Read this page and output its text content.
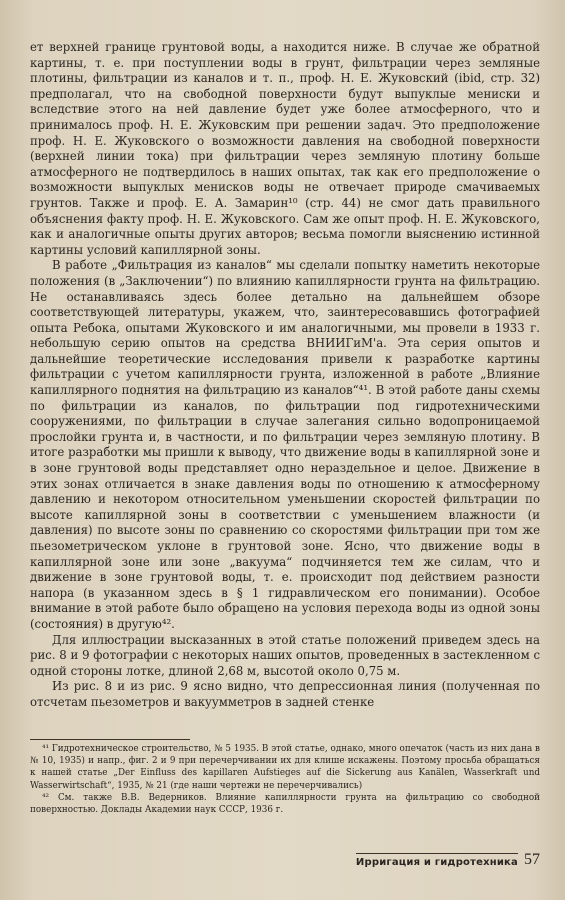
ет верхней границе грунтовой воды, а находится ниже. В случае же обратной картины, т. е. при поступлении воды в грунт, фильтрации через земляные плотины, фильтрации из каналов и т. п., проф. Н. Е. Жуковский (ibid, стр. 32) предполагал, что на свободной поверхности будут выпуклые мениски и вследствие этого на ней давление будет уже более атмосферного, что и принималось проф. Н. Е. Жуковским при решении задач. Это предположение проф. Н. Е. Жуковского о возможности давления на свободной поверхности (верхней линии тока) при фильтрации через земляную плотину больше атмосферного не подтвердилось в наших опытах, так как его предположение о возможности выпуклых менисков воды не отвечает природе смачиваемых грунтов. Также и проф. Е. А. Замарин¹⁰ (стр. 44) не смог дать правильного объяснения факту проф. Н. Е. Жуковского. Сам же опыт проф. Н. Е. Жуковского, как и аналогичные опыты других авторов; весьма помогли выяснению истинной картины условий капиллярной зоны.

В работе „Фильтрация из каналов“ мы сделали попытку наметить некоторые положения (в „Заключении“) по влиянию капиллярности грунта на фильтрацию. Не останавливаясь здесь более детально на дальнейшем обзоре соответствующей литературы, укажем, что, заинтересовавшись фотографией опыта Ребока, опытами Жуковского и им аналогичными, мы провели в 1933 г. небольшую серию опытов на средства ВНИИГиМ'а. Эта серия опытов и дальнейшие теоретические исследования привели к разработке картины фильтрации с учетом капиллярности грунта, изложенной в работе „Влияние капиллярного поднятия на фильтрацию из каналов“⁴¹. В этой работе даны схемы по фильтрации из каналов, по фильтрации под гидротехническими сооружениями, по фильтрации в случае залегания сильно водопроницаемой прослойки грунта и, в частности, и по фильтрации через земляную плотину. В итоге разработки мы пришли к выводу, что движение воды в капиллярной зоне и в зоне грунтовой воды представляет одно нераздельное и целое. Движение в этих зонах отличается в знаке давления воды по отношению к атмосферному давлению и некотором относительном уменьшении скоростей фильтрации по высоте капиллярной зоны в соответствии с уменьшением влажности (и давления) по высоте зоны по сравнению со скоростями фильтрации при том же пьезометрическом уклоне в грунтовой зоне. Ясно, что движение воды в капиллярной зоне или зоне „вакуума“ подчиняется тем же силам, что и движение в зоне грунтовой воды, т. е. происходит под действием разности напора (в указанном здесь в § 1 гидравлическом его понимании). Особое внимание в этой работе было обращено на условия перехода воды из одной зоны (состояния) в другую⁴².

Для иллюстрации высказанных в этой статье положений приведем здесь на рис. 8 и 9 фотографии с некоторых наших опытов, проведенных в застекленном с одной стороны лотке, длиной 2,68 м, высотой около 0,75 м.

Из рис. 8 и из рис. 9 ясно видно, что депрессионная линия (полученная по отсчетам пьезометров и вакуумметров в задней стенке

⁴¹ Гидротехническое строительство, № 5 1935. В этой статье, однако, много опечаток (часть из них дана в № 10, 1935) и напр., фиг. 2 и 9 при перечерчивании их для клише искажены. Поэтому просьба обращаться к нашей статье „Der Einfluss des kapillaren Aufstieges auf die Sickerung aus Kanälen, Wasserkraft und Wasserwirtschaft“, 1935, № 21 (где наши чертежи не перечерчивались)

⁴² См. также В.В. Ведерников. Влияние капиллярности грунта на фильтрацию со свободной поверхностью. Доклады Академии наук СССР, 1936 г.

Ирригация и гидротехника 57
